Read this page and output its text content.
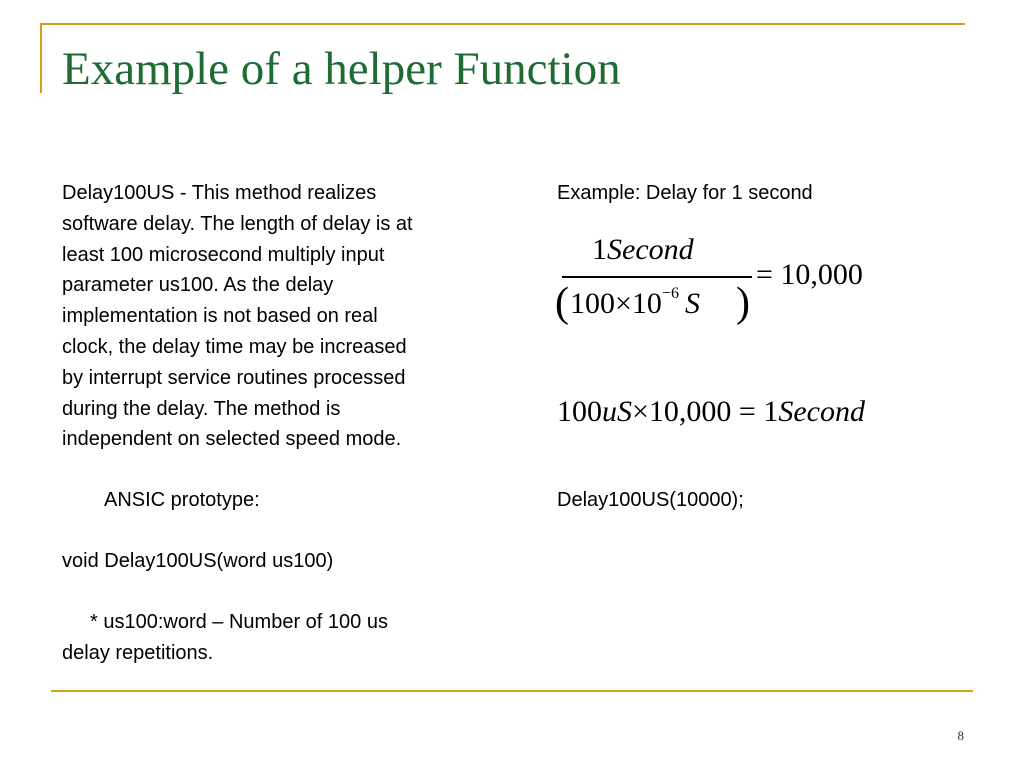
Example of a helper Function
Delay100US - This method realizes
software delay. The length of delay is at
least 100 microsecond multiply input
parameter us100. As the delay
implementation is not based on real
clock, the delay time may be increased
by interrupt service routines processed
during the delay. The method is
independent on selected speed mode.
ANSIC prototype:
void Delay100US(word us100)
* us100:word – Number of 100 us
delay repetitions.
Example: Delay for 1 second
1Second
( $100\times 10^{-6}$ S )
= 10,000
100uS×10,000 = 1Second
Delay100US(10000);
8
